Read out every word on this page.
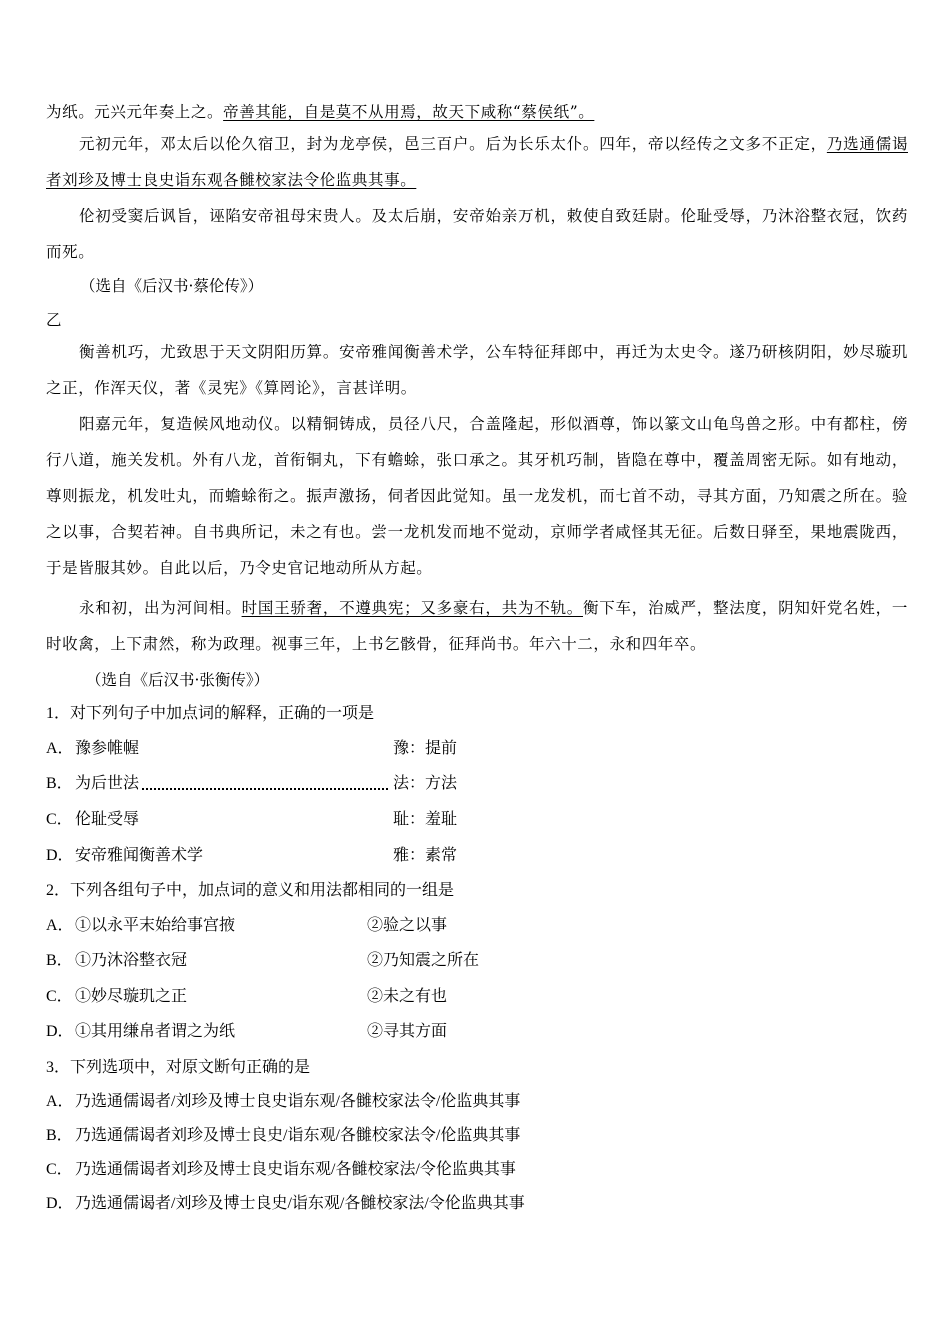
为纸。元兴元年奏上之。帝善其能，自是莫不从用焉，故天下咸称“蔡侯纸”。

元初元年，邓太后以伦久宿卫，封为龙亭侯，邑三百户。后为长乐太仆。四年，帝以经传之文多不正定，乃选通儒谒者刘珍及博士良史诣东观各雠校家法令伦监典其事。

伦初受窦后讽旨，诬陷安帝祖母宋贵人。及太后崩，安帝始亲万机，敕使自致廷尉。伦耻受辱，乃沐浴整衣冠，饮药而死。

（选自《后汉书·蔡伦传》）
乙

衡善机巧，尤致思于天文阴阳历算。安帝雅闻衡善术学，公车特征拜郎中，再迁为太史令。遂乃研核阴阳，妙尽璇玑之正，作浑天仪，著《灵宪》《算罔论》，言甚详明。

阳嘉元年，复造候风地动仪。以精铜铸成，员径八尺，合盖隆起，形似酒尊，饰以篆文山龟鸟兽之形。中有都柱，傍行八道，施关发机。外有八龙，首衔铜丸，下有蟾蜍，张口承之。其牙机巧制，皆隐在尊中，覆盖周密无际。如有地动，尊则振龙，机发吐丸，而蟾蜍衔之。振声激扬，伺者因此觉知。虽一龙发机，而七首不动，寻其方面，乃知震之所在。验之以事，合契若神。自书典所记，未之有也。尝一龙机发而地不觉动，京师学者咸怪其无征。后数日驿至，果地震陇西，于是皆服其妙。自此以后，乃令史官记地动所从方起。

永和初，出为河间相。时国王骄奢，不遵典宪；又多豪右，共为不轨。衡下车，治威严，整法度，阴知奸党名姓，一时收禽，上下肃然，称为政理。视事三年，上书乞骸骨，征拜尚书。年六十二，永和四年卒。

（选自《后汉书·张衡传》）
1．对下列句子中加点词的解释，正确的一项是
A． 豫参帷幄	豫：提前
B． 为后世法	法：方法
C． 伦耻受辱	耻：羞耻
D． 安帝雅闻衡善术学	雅：素常
2．下列各组句子中，加点词的意义和用法都相同的一组是
A． ①以永平末始给事宫掖	②验之以事
B． ①乃沐浴整衣冠	②乃知震之所在
C． ①妙尽璇玑之正	②未之有也
D． ①其用缣帛者谓之为纸	②寻其方面
3．下列选项中，对原文断句正确的是
A． 乃选通儒谒者/刘珍及博士良史诣东观/各雠校家法令/伦监典其事
B． 乃选通儒谒者刘珍及博士良史/诣东观/各雠校家法令/伦监典其事
C． 乃选通儒谒者刘珍及博士良史诣东观/各雠校家法/令伦监典其事
D． 乃选通儒谒者/刘珍及博士良史/诣东观/各雠校家法/令伦监典其事
